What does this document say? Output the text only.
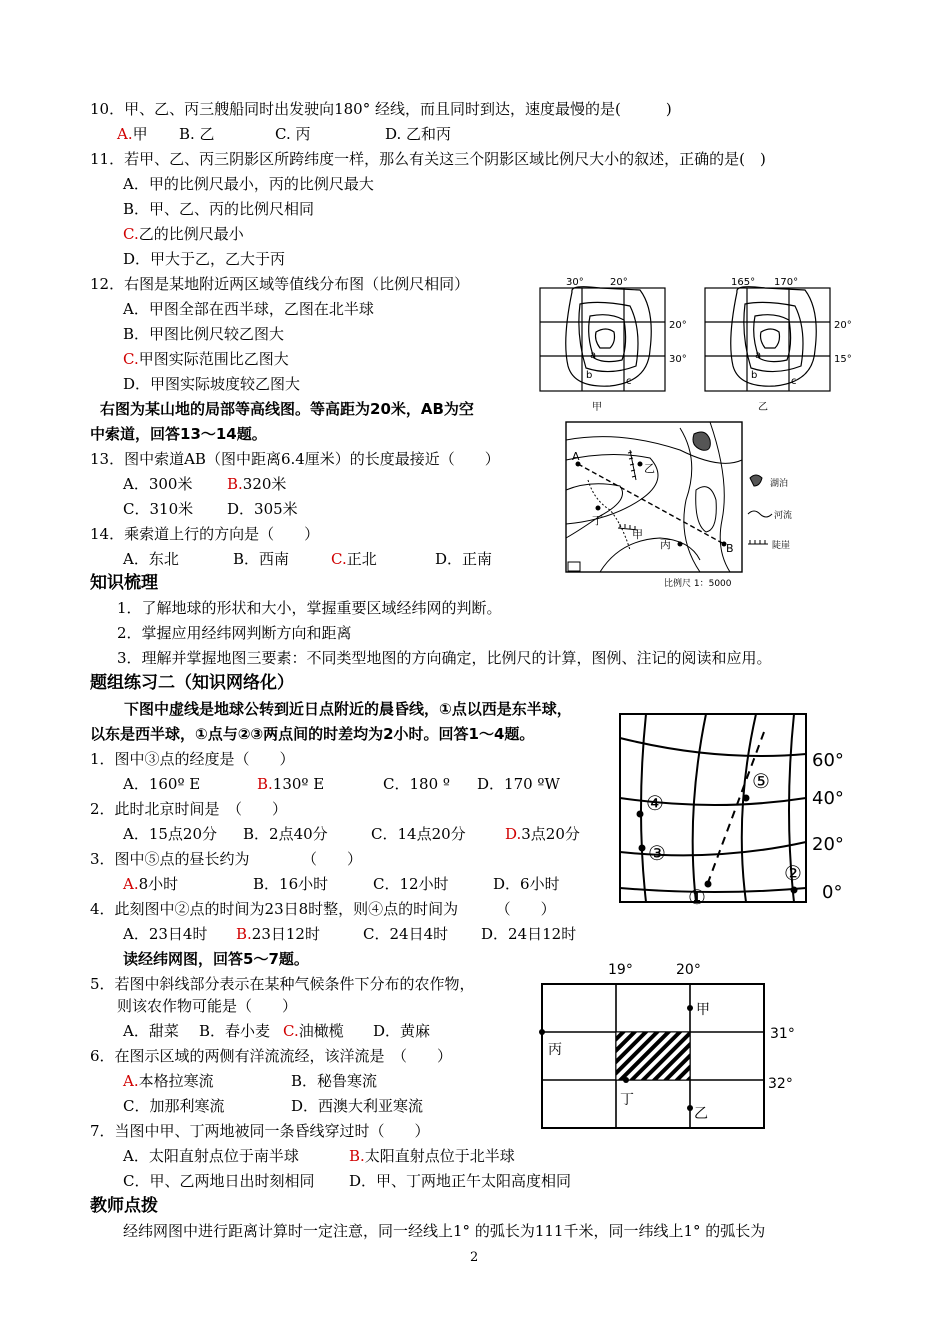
10．甲、乙、丙三艘船同时出发驶向180° 经线，而且同时到达，速度最慢的是(　　　)
A.甲 B. 乙	C. 丙	D. 乙和丙
11．若甲、乙、丙三阴影区所跨纬度一样，那么有关这三个阴影区域比例尺大小的叙述，正确的是(　)
A．甲的比例尺最小，丙的比例尺最大
B．甲、乙、丙的比例尺相同
C.乙的比例尺最小
D．甲大于乙，乙大于丙
12．右图是某地附近两区域等值线分布图（比例尺相同）
A．甲图全部在西半球，乙图在北半球
B．甲图比例尺较乙图大
C.甲图实际范围比乙图大
D．甲图实际坡度较乙图大
右图为某山地的局部等高线图。等高距为20米，AB为空
中索道，回答13～14题。
13．图中索道AB（图中距离6.4厘米）的长度最接近（　　）
A．300米 B.320米
C．310米 D．305米
14．乘索道上行的方向是（　　）
A．东北	B．西南	C.正北	D．正南
知识梳理
1．了解地球的形状和大小，掌握重要区域经纬网的判断。
2．掌握应用经纬网判断方向和距离
3．理解并掌握地图三要素：不同类型地图的方向确定，比例尺的计算，图例、注记的阅读和应用。
题组练习二（知识网络化）
下图中虚线是地球公转到近日点附近的晨昏线，①点以西是东半球，
以东是西半球，①点与②③两点间的时差均为2小时。回答1～4题。
1．图中③点的经度是（　　）
A．160º E	B.130º E	C．180 º D．170 ºW
2．此时北京时间是　（　　）
A．15点20分 B．2点40分	C．14点20分	D.3点20分
3．图中⑤点的昼长约为　　　　（　　）
A.8小时	B．16小时	C．12小时	D．6小时
4．此刻图中②点的时间为23日8时整，则④点的时间为　　　（　　）
A．23日4时 B.23日12时	C．24日4时 D．24日12时
读经纬网图，回答5～7题。
5．若图中斜线部分表示在某种气候条件下分布的农作物，
则该农作物可能是（　　）
A．甜菜 B．春小麦 C.油橄榄 D．黄麻
6．在图示区域的两侧有洋流流经，该洋流是　（　　）
A.本格拉寒流	B．秘鲁寒流
C．加那利寒流	D．西澳大利亚寒流
7．当图中甲、丁两地被同一条昏线穿过时（　　）
A．太阳直射点位于南半球	B.太阳直射点位于北半球
C．甲、乙两地日出时刻相同 D．甲、丁两地正午太阳高度相同
教师点拨
经纬网图中进行距离计算时一定注意，同一经线上1° 的弧长为111千米，同一纬线上1° 的弧长为
2
30°	20°
20°
30°
甲
a
b
c
165° 170°
20°
15°
乙
a
b
c
A
B
乙
甲
丙
丁
湖泊
河流
陡崖
比例尺 1：5000
①
②
③
④
⑤
60°
40°
20°
0°
19°	20°
31°
32°
甲
丙
丁
乙
